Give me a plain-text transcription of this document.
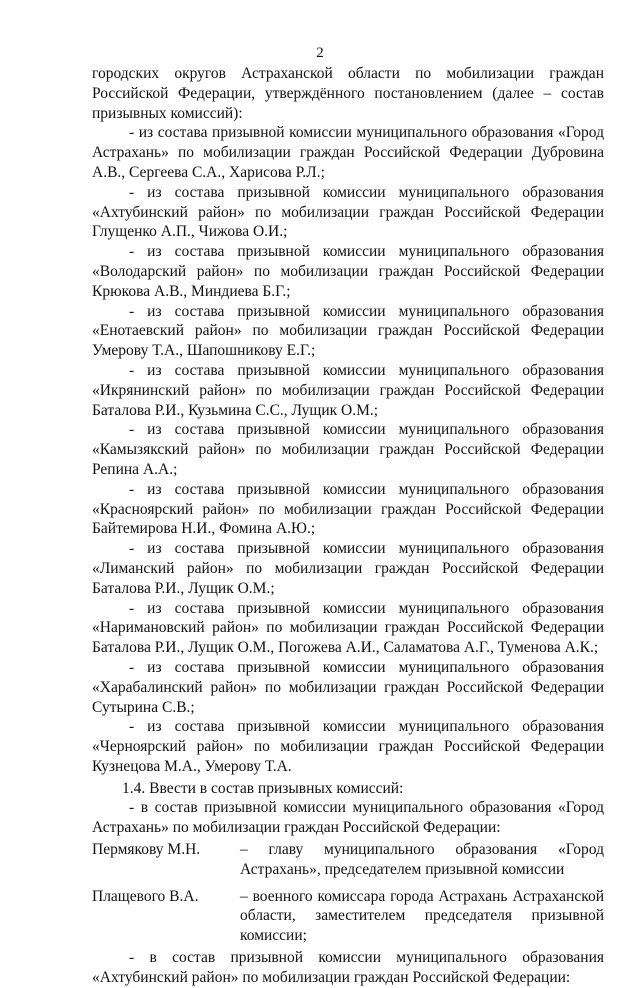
2

городских округов Астраханской области по мобилизации граждан Российской Федерации, утверждённого постановлением (далее – состав призывных комиссий):

- из состава призывной комиссии муниципального образования «Город Астрахань» по мобилизации граждан Российской Федерации Дубровина А.В., Сергеева С.А., Харисова Р.Л.;

- из состава призывной комиссии муниципального образования «Ахтубинский район» по мобилизации граждан Российской Федерации Глущенко А.П., Чижова О.И.;

- из состава призывной комиссии муниципального образования «Володарский район» по мобилизации граждан Российской Федерации Крюкова А.В., Миндиева Б.Г.;

- из состава призывной комиссии муниципального образования «Енотаевский район» по мобилизации граждан Российской Федерации Умерову Т.А., Шапошникову Е.Г.;

- из состава призывной комиссии муниципального образования «Икрянинский район» по мобилизации граждан Российской Федерации Баталова Р.И., Кузьмина С.С., Лущик О.М.;

- из состава призывной комиссии муниципального образования «Камызякский район» по мобилизации граждан Российской Федерации Репина А.А.;

- из состава призывной комиссии муниципального образования «Красноярский район» по мобилизации граждан Российской Федерации Байтемирова Н.И., Фомина А.Ю.;

- из состава призывной комиссии муниципального образования «Лиманский район» по мобилизации граждан Российской Федерации Баталова Р.И., Лущик О.М.;

- из состава призывной комиссии муниципального образования «Наримановский район» по мобилизации граждан Российской Федерации Баталова Р.И., Лущик О.М., Погожева А.И., Саламатова А.Г., Туменова А.К.;

- из состава призывной комиссии муниципального образования «Харабалинский район» по мобилизации граждан Российской Федерации Сутырина С.В.;

- из состава призывной комиссии муниципального образования «Черноярский район» по мобилизации граждан Российской Федерации Кузнецова М.А., Умерову Т.А.

1.4. Ввести в состав призывных комиссий:

- в состав призывной комиссии муниципального образования «Город Астрахань» по мобилизации граждан Российской Федерации:

Пермякову М.Н.	– главу муниципального образования «Город Астрахань», председателем призывной комиссии
Плащевого В.А.	– военного комиссара города Астрахань Астраханской области, заместителем председателя призывной комиссии;

- в состав призывной комиссии муниципального образования «Ахтубинский район» по мобилизации граждан Российской Федерации:
